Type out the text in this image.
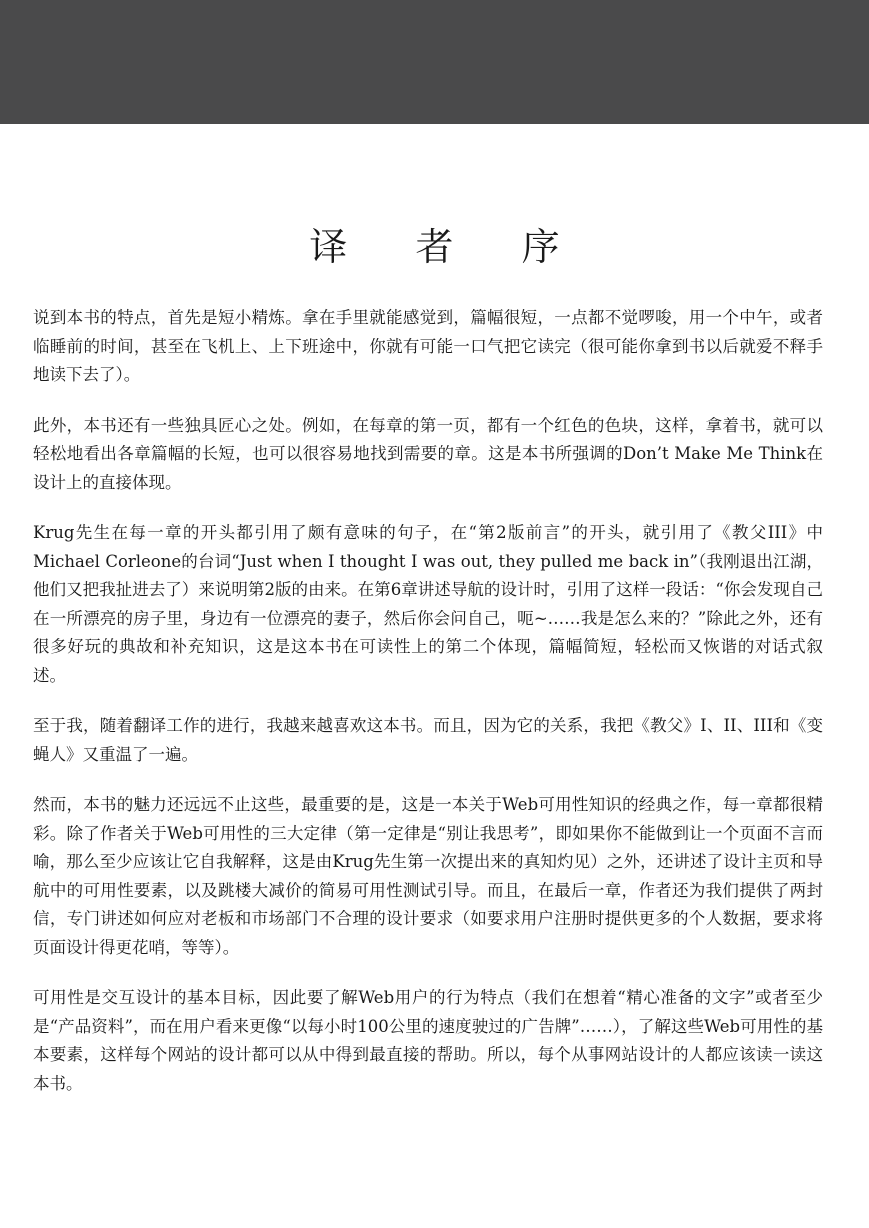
译 者 序

说到本书的特点，首先是短小精炼。拿在手里就能感觉到，篇幅很短，一点都不觉啰唆，用一个中午，或者临睡前的时间，甚至在飞机上、上下班途中，你就有可能一口气把它读完（很可能你拿到书以后就爱不释手地读下去了）。

此外，本书还有一些独具匠心之处。例如，在每章的第一页，都有一个红色的色块，这样，拿着书，就可以轻松地看出各章篇幅的长短，也可以很容易地找到需要的章。这是本书所强调的Don’t Make Me Think在设计上的直接体现。

Krug先生在每一章的开头都引用了颇有意味的句子，在“第2版前言”的开头，就引用了《教父III》中Michael Corleone的台词“Just when I thought I was out, they pulled me back in”（我刚退出江湖，他们又把我扯进去了）来说明第2版的由来。在第6章讲述导航的设计时，引用了这样一段话：“你会发现自己在一所漂亮的房子里，身边有一位漂亮的妻子，然后你会问自己，呃~……我是怎么来的？”除此之外，还有很多好玩的典故和补充知识，这是这本书在可读性上的第二个体现，篇幅简短，轻松而又恢谐的对话式叙述。

至于我，随着翻译工作的进行，我越来越喜欢这本书。而且，因为它的关系，我把《教父》I、II、III和《变蝇人》又重温了一遍。

然而，本书的魅力还远远不止这些，最重要的是，这是一本关于Web可用性知识的经典之作，每一章都很精彩。除了作者关于Web可用性的三大定律（第一定律是“别让我思考”，即如果你不能做到让一个页面不言而喻，那么至少应该让它自我解释，这是由Krug先生第一次提出来的真知灼见）之外，还讲述了设计主页和导航中的可用性要素，以及跳楼大减价的简易可用性测试引导。而且，在最后一章，作者还为我们提供了两封信，专门讲述如何应对老板和市场部门不合理的设计要求（如要求用户注册时提供更多的个人数据，要求将页面设计得更花哨，等等）。

可用性是交互设计的基本目标，因此要了解Web用户的行为特点（我们在想着“精心准备的文字”或者至少是“产品资料”，而在用户看来更像“以每小时100公里的速度驶过的广告牌”……），了解这些Web可用性的基本要素，这样每个网站的设计都可以从中得到最直接的帮助。所以，每个从事网站设计的人都应该读一读这本书。
